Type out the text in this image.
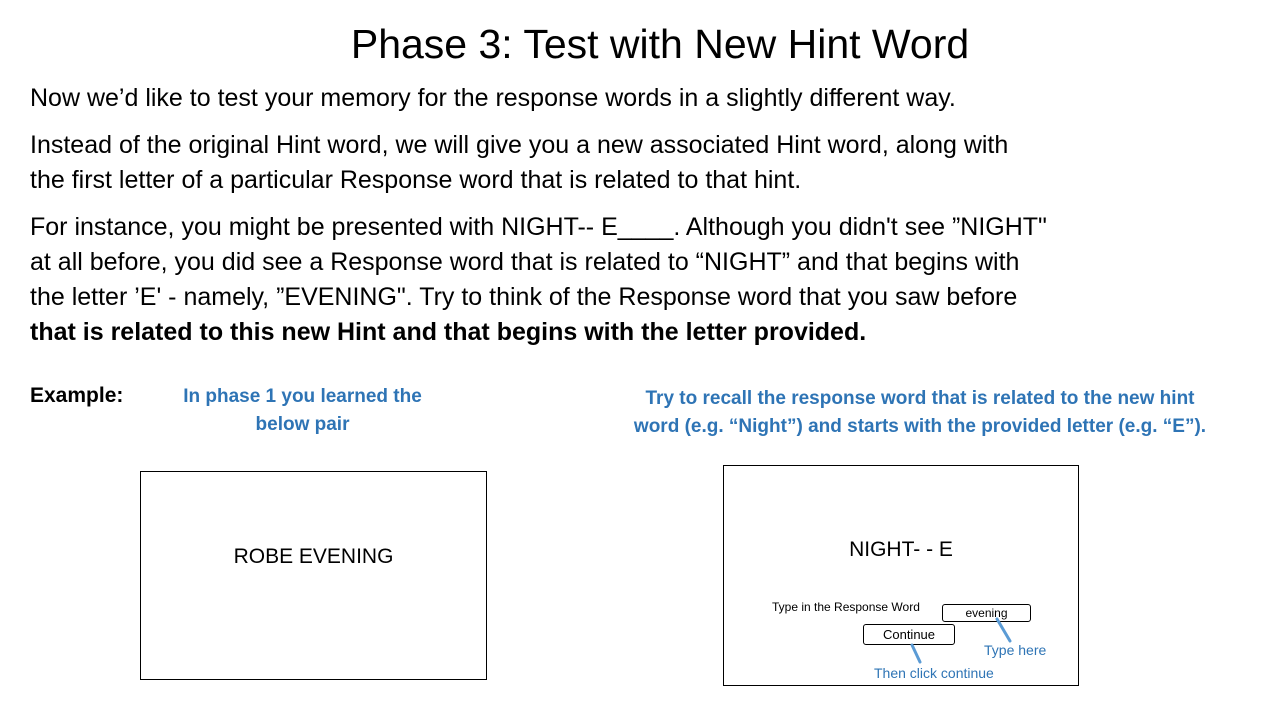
Phase 3: Test with New Hint Word
Now we’d like to test your memory for the response words in a slightly different way.
Instead of the original Hint word, we will give you a new associated Hint word, along with
the first letter of a particular Response word that is related to that hint.
For instance, you might be presented with NIGHT-- E____. Although you didn't see ”NIGHT"
at all before, you did see a Response word that is related to “NIGHT” and that begins with
the letter ’E' - namely, ”EVENING". Try to think of the Response word that you saw before
that is related to this new Hint and that begins with the letter provided.
Example:	In phase 1 you learned the
below pair
Try to recall the response word that is related to the new hint
word (e.g. “Night”) and starts with the provided letter (e.g. “E”).
ROBE EVENING	NIGHT- - E
Type in the Response Word
evening
Continue
Type here
Then click continue
